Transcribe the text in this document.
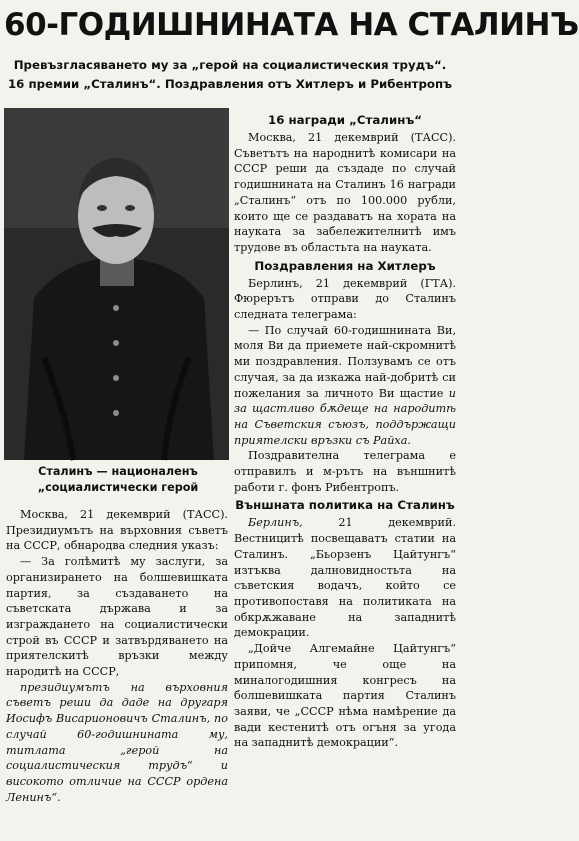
60-ГОДИШНИНАТА НА СТАЛИНЪ
Превъзгласяването му за „герой на социалистическия трудъ“. 16 премии „Сталинъ“. Поздравления отъ Хитлеръ и Рибентропъ
Сталинъ — националенъ „социалистически герой

Москва, 21 декемврий (ТАСС). Президиумътъ на върховния съветъ на СССР, обнародва следния указъ:

— За голѣмитѣ му заслуги, за организирането на болшевишката партия, за създаването на съветската държава и за изграждането на социалистически строй въ СССР и затвърдяването на приятелскитѣ връзки между народитѣ на СССР,

президиумътъ на върховния съветъ реши да даде на другаря Иосифъ Висарионовичъ Сталинъ, по случай 60-годишнината му, титлата „герой на социалистическия трудъ“ и високото отличие на СССР ордена Ленинъ“.

16 награди „Сталинъ“

Москва, 21 декемврий (ТАСС). Съветътъ на народнитѣ комисари на СССР реши да създаде по случай годишнината на Сталинъ 16 награди „Сталинъ“ отъ по 100.000 рубли, които ще се раздаватъ на хората на науката за забележителнитѣ имъ трудове въ областьта на науката.

Поздравления на Хитлеръ

Берлинъ, 21 декемврий (ГТА). Фюрерътъ отправи до Сталинъ следната телеграма:

— По случай 60-годишнината Ви, моля Ви да приемете най-скромнитѣ ми поздравления. Ползувамъ се отъ случая, за да изкажа най-добритѣ си пожелания за личното Ви щастие и за щастливо бѫдеще на народитѣ на Съветския съюзъ, поддържащи приятелски връзки съ Райха.

Поздравителна телеграма е отправилъ и м-рътъ на външнитѣ работи г. фонъ Рибентропъ.

Външната политика на Сталинъ

Берлинъ,	21 декемврий. Вестницитѣ посвещаватъ статии на Сталинъ. „Бьорзенъ Цайтунгъ“ изтъква далновидностьта на съветския водачъ, който се противопоставя на политиката на обкрѫжаване на западнитѣ демокрации.

„Дойче Алгемайне Цайтунгъ“ припомня, че още на миналогодишния конгресъ на болшевишката партия Сталинъ заяви, че „СССР нѣма намѣрение да вади кестенитѣ отъ огъня за угода на западнитѣ демокрации“.
